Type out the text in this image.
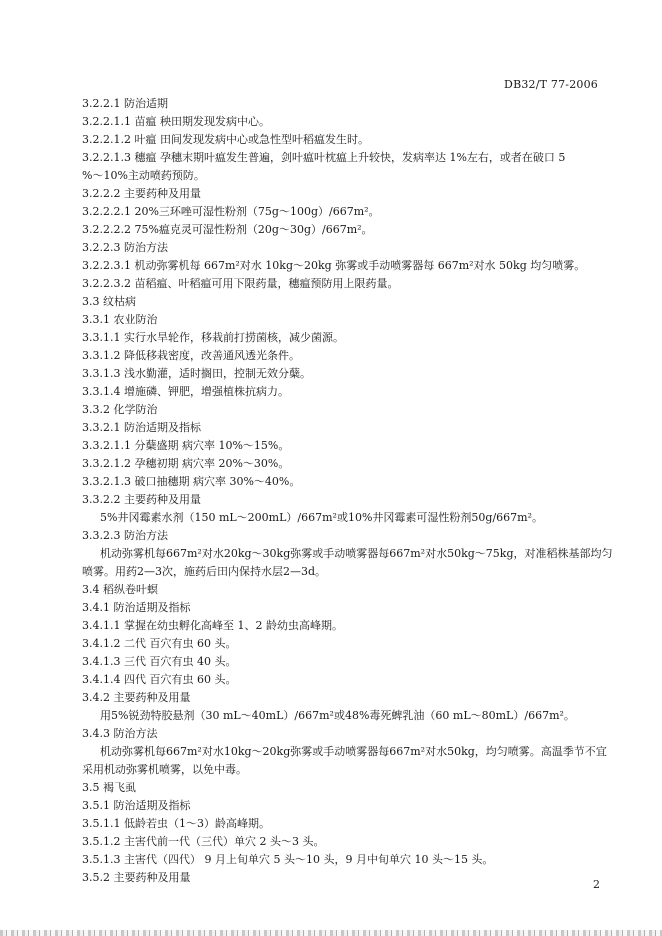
DB32/T 77-2006
3.2.2.1 防治适期
3.2.2.1.1 苗瘟 秧田期发现发病中心。
3.2.2.1.2 叶瘟 田间发现发病中心或急性型叶稻瘟发生时。
3.2.2.1.3 穗瘟 孕穗末期叶瘟发生普遍，剑叶瘟叶枕瘟上升较快，发病率达 1%左右，或者在破口 5
%～10%主动喷药预防。
3.2.2.2 主要药种及用量
3.2.2.2.1 20%三环唑可湿性粉剂（75g～100g）/667m²。
3.2.2.2.2 75%瘟克灵可湿性粉剂（20g～30g）/667m²。
3.2.2.3 防治方法
3.2.2.3.1 机动弥雾机每 667m²对水 10kg～20kg 弥雾或手动喷雾器每 667m²对水 50kg 均匀喷雾。
3.2.2.3.2 苗稻瘟、叶稻瘟可用下限药量，穗瘟预防用上限药量。
3.3 纹枯病
3.3.1 农业防治
3.3.1.1 实行水旱轮作，移栽前打捞菌核，减少菌源。
3.3.1.2 降低移栽密度，改善通风透光条件。
3.3.1.3 浅水勤灌，适时搁田，控制无效分蘖。
3.3.1.4 增施磷、钾肥，增强植株抗病力。
3.3.2 化学防治
3.3.2.1 防治适期及指标
3.3.2.1.1 分蘖盛期 病穴率 10%～15%。
3.3.2.1.2 孕穗初期 病穴率 20%～30%。
3.3.2.1.3 破口抽穗期 病穴率 30%～40%。
3.3.2.2 主要药种及用量
5%井冈霉素水剂（150 mL～200mL）/667m²或10%井冈霉素可湿性粉剂50g/667m²。
3.3.2.3 防治方法
机动弥雾机每667m²对水20kg～30kg弥雾或手动喷雾器每667m²对水50kg～75kg，对准稻株基部均匀
喷雾。用药2—3次，施药后田内保持水层2—3d。
3.4 稻纵卷叶螟
3.4.1 防治适期及指标
3.4.1.1 掌握在幼虫孵化高峰至 1、2 龄幼虫高峰期。
3.4.1.2 二代 百穴有虫 60 头。
3.4.1.3 三代 百穴有虫 40 头。
3.4.1.4 四代 百穴有虫 60 头。
3.4.2 主要药种及用量
用5%锐劲特胶悬剂（30 mL～40mL）/667m²或48%毒死蜱乳油（60 mL～80mL）/667m²。
3.4.3 防治方法
机动弥雾机每667m²对水10kg～20kg弥雾或手动喷雾器每667m²对水50kg，均匀喷雾。高温季节不宜
采用机动弥雾机喷雾，以免中毒。
3.5 褐飞虱
3.5.1 防治适期及指标
3.5.1.1 低龄若虫（1～3）龄高峰期。
3.5.1.2 主害代前一代（三代）单穴 2 头～3 头。
3.5.1.3 主害代（四代） 9 月上旬单穴 5 头～10 头，9 月中旬单穴 10 头～15 头。
3.5.2 主要药种及用量
2
